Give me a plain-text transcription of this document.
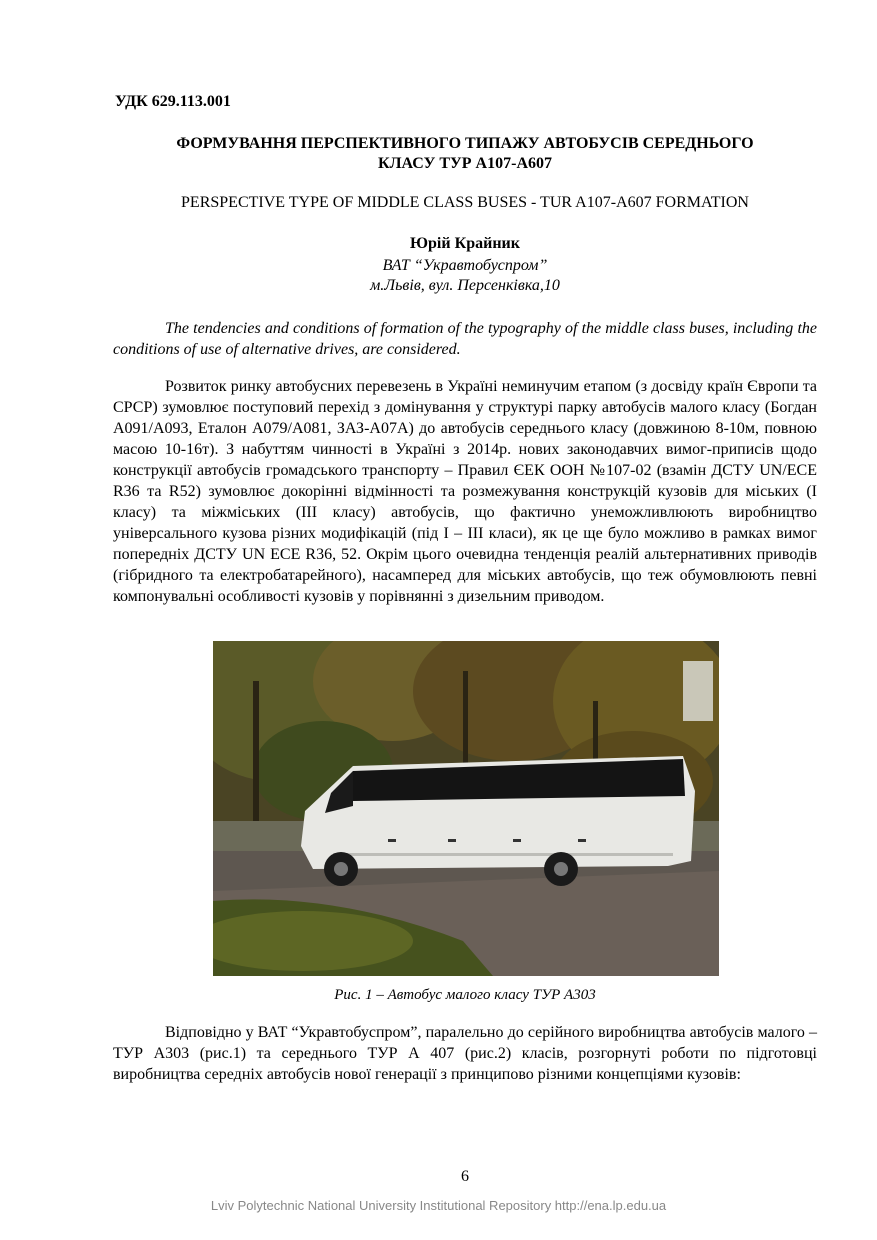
УДК 629.113.001
ФОРМУВАННЯ ПЕРСПЕКТИВНОГО ТИПАЖУ АВТОБУСІВ СЕРЕДНЬОГО
КЛАСУ ТУР А107-А607
PERSPECTIVE TYPE OF MIDDLE CLASS BUSES - TUR A107-A607 FORMATION
Юрій Крайник
ВАТ “Укравтобуспром”
м.Львів, вул. Персенківка,10
The tendencies and conditions of formation of the typography of the middle class buses, including the conditions of use of alternative drives, are considered.
Розвиток ринку автобусних перевезень в Україні неминучим етапом (з досвіду країн Європи та СРСР) зумовлює поступовий перехід з домінування у структурі парку автобусів малого класу (Богдан А091/А093, Еталон А079/А081, ЗАЗ-А07А) до автобусів середнього класу (довжиною 8-10м, повною масою 10-16т). З набуттям чинності в Україні з 2014р. нових законодавчих вимог-приписів щодо конструкції автобусів громадського транспорту – Правил ЄЕК ООН №107-02 (взамін ДСТУ UN/ECE R36 та R52) зумовлює докорінні відмінності та розмежування конструкцій кузовів для міських (І класу) та міжміських (ІІІ класу) автобусів, що фактично унеможливлюють виробництво універсального кузова різних модифікацій (під І – ІІІ класи), як це ще було можливо в рамках вимог попередніх ДСТУ UN ECE R36, 52. Окрім цього очевидна тенденція реалій альтернативних приводів (гібридного та електробатарейного), насамперед для міських автобусів, що теж обумовлюють певні компонувальні особливості кузовів у порівнянні з дизельним приводом.
Рис. 1 – Автобус малого класу ТУР А303
Відповідно у ВАТ “Укравтобуспром”, паралельно до серійного виробництва автобусів малого – ТУР А303 (рис.1) та середнього ТУР А 407 (рис.2) класів, розгорнуті роботи по підготовці виробництва середніх автобусів нової генерації з принципово різними концепціями кузовів:
6
Lviv Polytechnic National University Institutional Repository http://ena.lp.edu.ua
